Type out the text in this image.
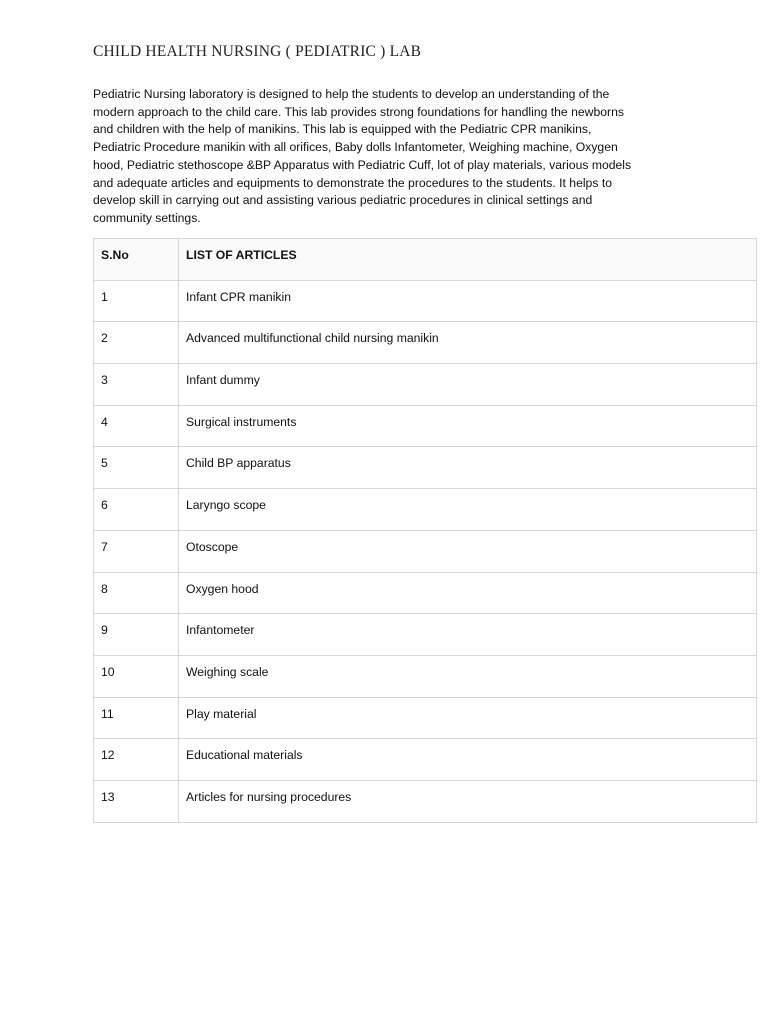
CHILD HEALTH NURSING ( PEDIATRIC ) LAB

Pediatric Nursing laboratory is designed to help the students to develop an understanding of the
modern approach to the child care. This lab provides strong foundations for handling the newborns
and children with the help of manikins. This lab is equipped with the Pediatric CPR manikins,
Pediatric Procedure manikin with all orifices, Baby dolls Infantometer, Weighing machine, Oxygen
hood, Pediatric stethoscope &BP Apparatus with Pediatric Cuff, lot of play materials, various models
and adequate articles and equipments to demonstrate the procedures to the students. It helps to
develop skill in carrying out and assisting various pediatric procedures in clinical settings and
community settings.

S.No	LIST OF ARTICLES

1	Infant CPR manikin

2	Advanced multifunctional child nursing manikin

3	Infant dummy

4	Surgical instruments

5	Child BP apparatus

6	Laryngo scope

7	Otoscope

8	Oxygen hood

9	Infantometer

10	Weighing scale

11	Play material

12	Educational materials

13	Articles for nursing procedures
